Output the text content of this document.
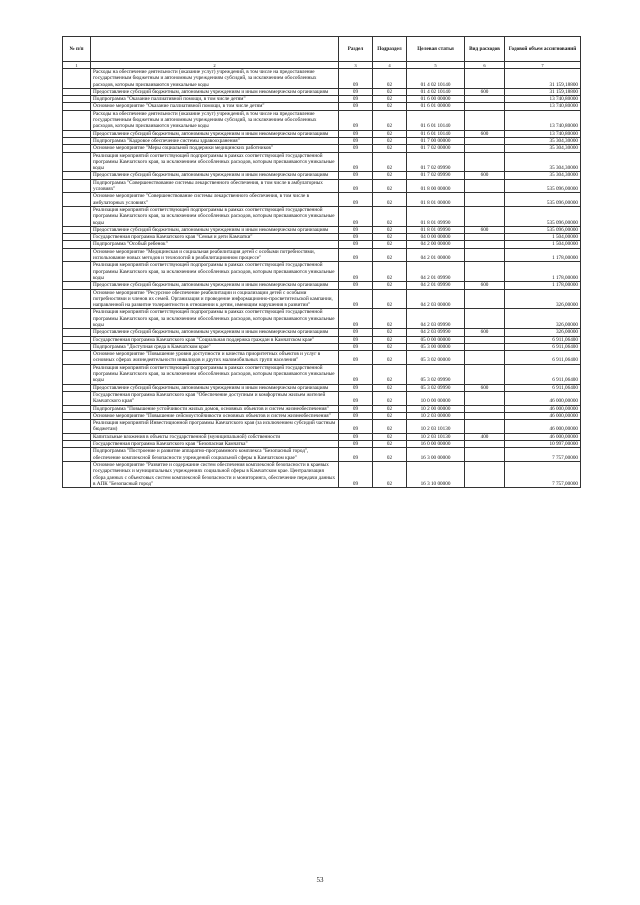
№ п/п		Раздел	Подраздел	Целевая статья	Вид расходов	Годовой объем ассигнований
1	2	3	4	5	6	7
	Расходы на обеспечение деятельности (оказание услуг) учреждений, в том числе на предоставление государственным бюджетным и автономным учреждениям субсидий, за исключением обособленных расходов, которым присваиваются уникальные коды	09	02	01 4 02 10140		31 159,18800
	Предоставление субсидий бюджетным, автономным учреждениям и иным некоммерческим организациям	09	02	01 4 02 10140	600	31 159,18800
	Подпрограмма "Оказание паллиативной помощи, в том числе детям"	09	02	01 6 00 00000		13 740,80000
	Основное мероприятие "Оказание паллиативной помощи, в том числе детям"	09	02	01 6 01 00000		13 740,80000
	Расходы на обеспечение деятельности (оказание услуг) учреждений, в том числе на предоставление государственным бюджетным и автономным учреждениям субсидий, за исключением обособленных расходов, которым присваиваются уникальные коды	09	02	01 6 01 10140		13 740,80000
	Предоставление субсидий бюджетным, автономным учреждениям и иным некоммерческим организациям	09	02	01 6 01 10140	600	13 740,80000
	Подпрограмма "Кадровое обеспечение системы здравоохранения"	09	02	01 7 00 00000		35 304,30000
	Основное мероприятие "Меры социальной поддержки медицинских работников"	09	02	01 7 02 00000		35 304,30000
	Реализация мероприятий соответствующей подпрограммы в рамках соответствующей государственной программы Камчатского края, за исключением обособленных расходов, которым присваиваются уникальные коды	09	02	01 7 02 09990		35 304,30000
	Предоставление субсидий бюджетным, автономным учреждениям и иным некоммерческим организациям	09	02	01 7 02 09990	600	35 304,30000
	Подпрограмма "Совершенствование системы лекарственного обеспечения, в том числе в амбулаторных условиях"	09	02	01 8 00 00000		535 096,00000
	Основное мероприятие "Совершенствование системы лекарственного обеспечения, в том числе в амбулаторных условиях"	09	02	01 8 01 00000		535 096,00000
	Реализация мероприятий соответствующей подпрограммы в рамках соответствующей государственной программы Камчатского края, за исключением обособленных расходов, которым присваиваются уникальные коды	09	02	01 8 01 09990		535 096,00000
	Предоставление субсидий бюджетным, автономным учреждениям и иным некоммерческим организациям	09	02	01 8 01 09990	600	535 096,00000
	Государственная программа Камчатского края "Семья и дети Камчатки"	09	02	04 0 00 00000		1 504,00000
	Подпрограмма "Особый ребенок"	09	02	04 2 00 00000		1 504,00000
	Основное мероприятие "Медицинская и социальная реабилитация детей с особыми потребностями, использование новых методов и технологий в реабилитационном процессе"	09	02	04 2 01 00000		1 178,00000
	Реализация мероприятий соответствующей подпрограммы в рамках соответствующей государственной программы Камчатского края, за исключением обособленных расходов, которым присваиваются уникальные коды	09	02	04 2 01 09990		1 178,00000
	Предоставление субсидий бюджетным, автономным учреждениям и иным некоммерческим организациям	09	02	04 2 01 09990	600	1 178,00000
	Основное мероприятие "Ресурсное обеспечение реабилитации и социализации детей с особыми потребностями и членов их семей. Организация и проведение информационно-просветительской кампании, направленной на развитие толерантности в отношении к детям, имеющим нарушения в развитии"	09	02	04 2 03 00000		326,00000
	Реализация мероприятий соответствующей подпрограммы в рамках соответствующей государственной программы Камчатского края, за исключением обособленных расходов, которым присваиваются уникальные коды	09	02	04 2 03 09990		326,00000
	Предоставление субсидий бюджетным, автономным учреждениям и иным некоммерческим организациям	09	02	04 2 03 09990	600	326,00000
	Государственная программа Камчатского края "Социальная поддержка граждан в Камчатском крае"	09	02	05 0 00 00000		6 911,06400
	Подпрограмма "Доступная среда в Камчатском крае"	09	02	05 3 00 00000		6 911,06400
	Основное мероприятие "Повышение уровня доступности и качества приоритетных объектов и услуг в основных сферах жизнедеятельности инвалидов и других маломобильных групп населения"	09	02	05 3 02 00000		6 911,06400
	Реализация мероприятий соответствующей подпрограммы в рамках соответствующей государственной программы Камчатского края, за исключением обособленных расходов, которым присваиваются уникальные коды	09	02	05 3 02 09990		6 911,06400
	Предоставление субсидий бюджетным, автономным учреждениям и иным некоммерческим организациям	09	02	05 3 02 09990	600	6 911,06400
	Государственная программа Камчатского края "Обеспечение доступным и комфортным жильем жителей Камчатского края"	09	02	10 0 00 00000		46 000,00000
	Подпрограмма "Повышение устойчивости жилых домов, основных объектов и систем жизнеобеспечения"	09	02	10 2 00 00000		46 000,00000
	Основное мероприятие "Повышение сейсмоустойчивости основных объектов и систем жизнеобеспечения"	09	02	10 2 03 00000		46 000,00000
	Реализация мероприятий Инвестиционной программы Камчатского края (за исключением субсидий частным бюджетам)	09	02	10 2 03 10130		46 000,00000
	Капитальные вложения в объекты государственной (муниципальной) собственности	09	02	10 2 03 10130	400	46 000,00000
	Государственная программа Камчатского края "Безопасная Камчатка"	09	02	16 0 00 00000		10 997,00000
	Подпрограмма "Построение и развитие аппаратно-программного комплекса "Безопасный город", обеспечение комплексной безопасности учреждений социальной сферы в Камчатском крае"	09	02	16 3 00 00000		7 757,00000
	Основное мероприятие "Развитие и содержание систем обеспечения комплексной безопасности в краевых государственных и муниципальных учреждениях социальной сферы в Камчатском крае. Централизация сбора данных с объектовых систем комплексной безопасности и мониторинга, обеспечение передачи данных в АПК "Безопасный город"	09	02	16 3 10 00000		7 757,00000
53
